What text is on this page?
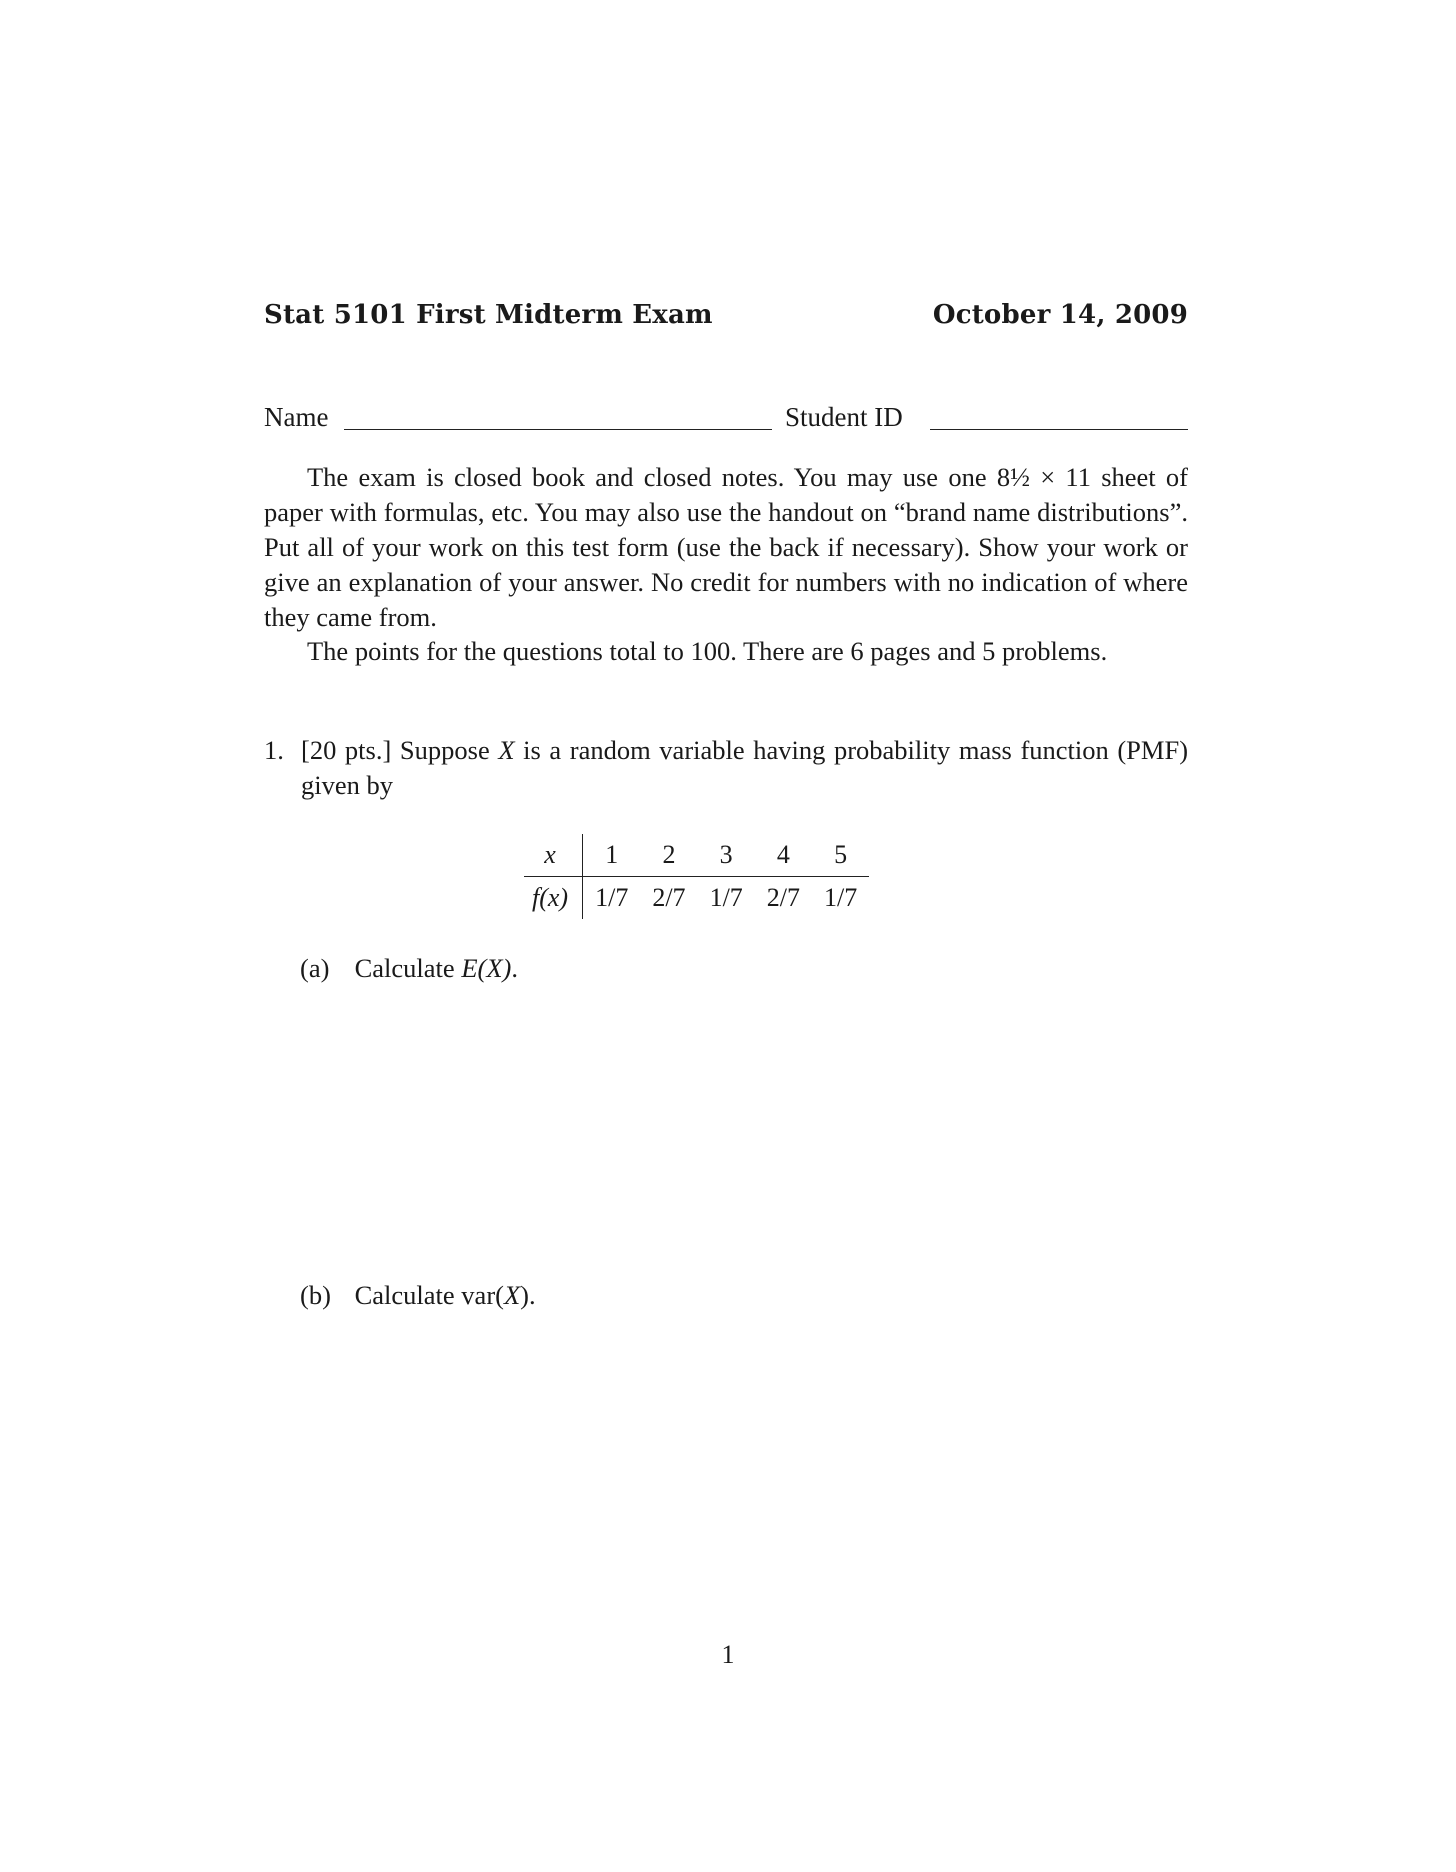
Stat 5101 First Midterm Exam	October 14, 2009
Name	Student ID

The exam is closed book and closed notes. You may use one 8½ × 11 sheet of paper with formulas, etc. You may also use the handout on “brand name distributions”. Put all of your work on this test form (use the back if necessary). Show your work or give an explanation of your answer. No credit for numbers with no indication of where they came from.

The points for the questions total to 100. There are 6 pages and 5 problems.

1. [20 pts.] Suppose X is a random variable having probability mass function (PMF) given by
x	1	2	3	4	5
f(x)	1/7	2/7	1/7	2/7	1/7
(a) Calculate E(X).
(b) Calculate var(X).
1
